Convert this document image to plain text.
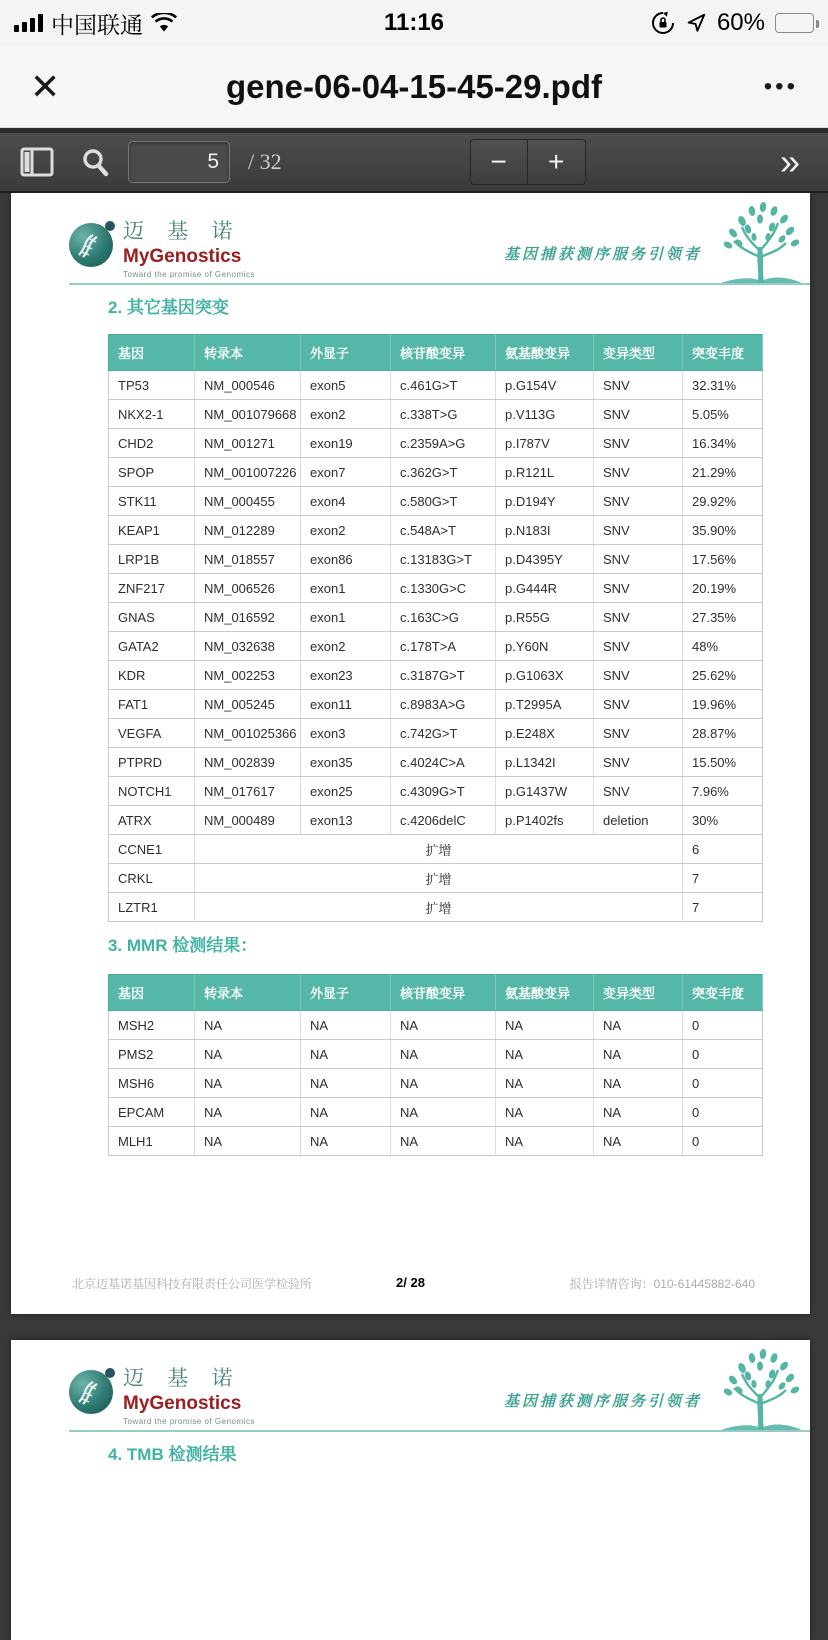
中国联通	11:16	60%
✕	gene-06-04-15-45-29.pdf	•••
5
/ 32	−	+	»
迈 基 诺
MyGenostics
Toward the promise of Genomics
基因捕获测序服务引领者
2. 其它基因突变
基因	转录本	外显子	核苷酸变异	氨基酸变异	变异类型	突变丰度
TP53	NM_000546	exon5	c.461G>T	p.G154V	SNV	32.31%
NKX2-1	NM_001079668	exon2	c.338T>G	p.V113G	SNV	5.05%
CHD2	NM_001271	exon19	c.2359A>G	p.I787V	SNV	16.34%
SPOP	NM_001007226	exon7	c.362G>T	p.R121L	SNV	21.29%
STK11	NM_000455	exon4	c.580G>T	p.D194Y	SNV	29.92%
KEAP1	NM_012289	exon2	c.548A>T	p.N183I	SNV	35.90%
LRP1B	NM_018557	exon86	c.13183G>T	p.D4395Y	SNV	17.56%
ZNF217	NM_006526	exon1	c.1330G>C	p.G444R	SNV	20.19%
GNAS	NM_016592	exon1	c.163C>G	p.R55G	SNV	27.35%
GATA2	NM_032638	exon2	c.178T>A	p.Y60N	SNV	48%
KDR	NM_002253	exon23	c.3187G>T	p.G1063X	SNV	25.62%
FAT1	NM_005245	exon11	c.8983A>G	p.T2995A	SNV	19.96%
VEGFA	NM_001025366	exon3	c.742G>T	p.E248X	SNV	28.87%
PTPRD	NM_002839	exon35	c.4024C>A	p.L1342I	SNV	15.50%
NOTCH1	NM_017617	exon25	c.4309G>T	p.G1437W	SNV	7.96%
ATRX	NM_000489	exon13	c.4206delC	p.P1402fs	deletion	30%
CCNE1	扩增					6
CRKL	扩增					7
LZTR1	扩增					7
3. MMR 检测结果：
基因	转录本	外显子	核苷酸变异	氨基酸变异	变异类型	突变丰度
MSH2	NA	NA	NA	NA	NA	0
PMS2	NA	NA	NA	NA	NA	0
MSH6	NA	NA	NA	NA	NA	0
EPCAM	NA	NA	NA	NA	NA	0
MLH1	NA	NA	NA	NA	NA	0
北京迈基诺基因科技有限责任公司医学检验所	2/ 28	报告详情咨询：010-61445882-640
迈 基 诺
MyGenostics
Toward the promise of Genomics
基因捕获测序服务引领者
4. TMB 检测结果
